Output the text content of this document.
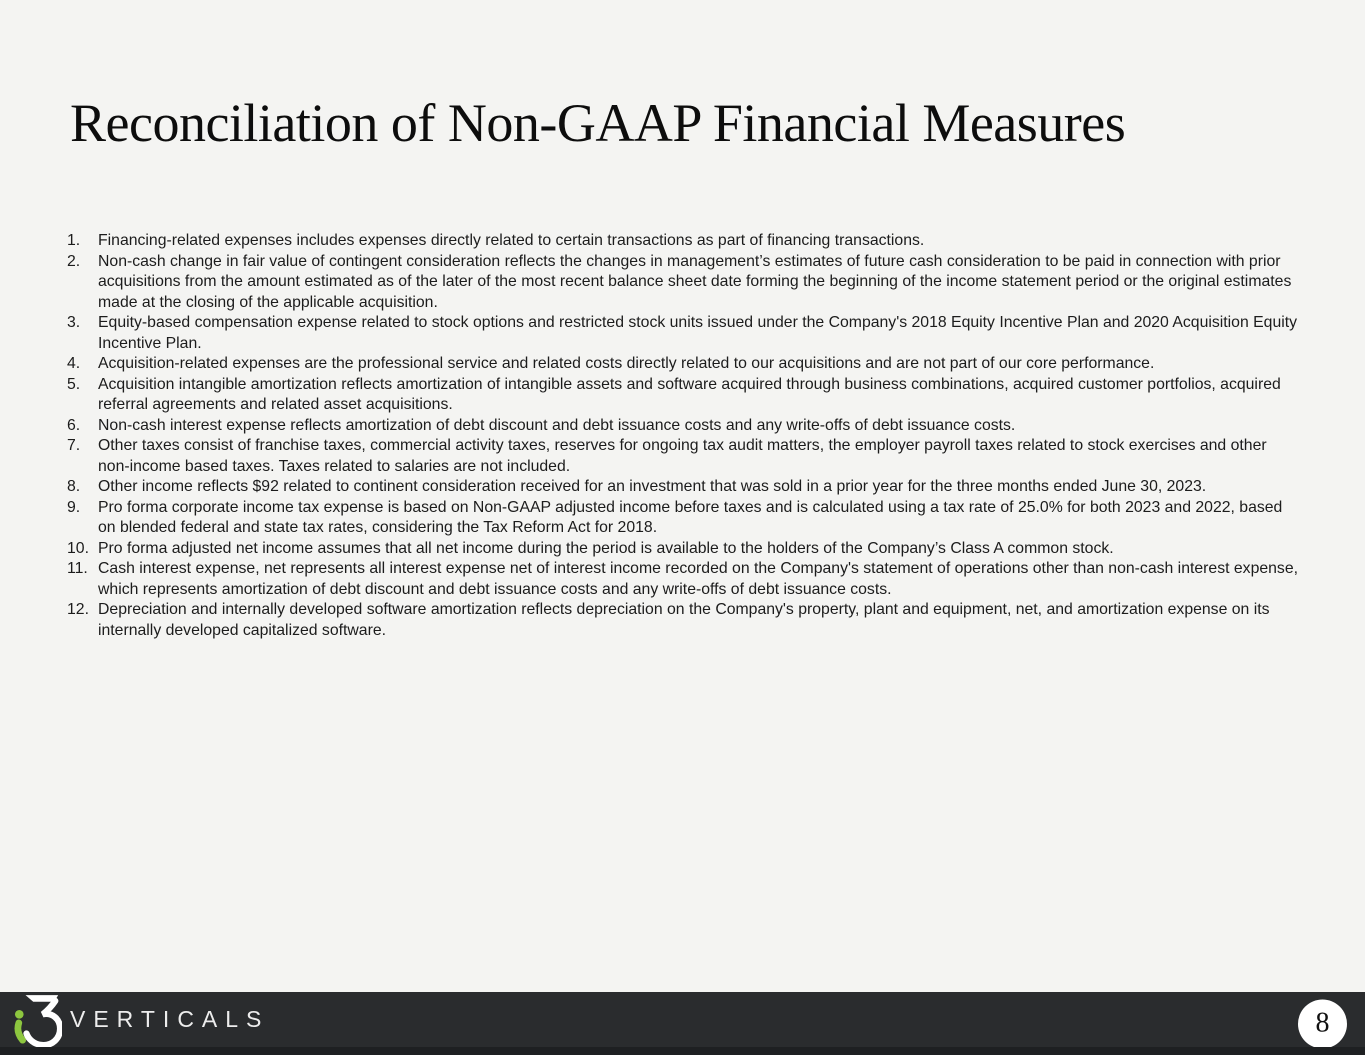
Reconciliation of Non-GAAP Financial Measures
1.	Financing-related expenses includes expenses directly related to certain transactions as part of financing transactions.
2.	Non-cash change in fair value of contingent consideration reflects the changes in management’s estimates of future cash consideration to be paid in connection with prior acquisitions from the amount estimated as of the later of the most recent balance sheet date forming the beginning of the income statement period or the original estimates made at the closing of the applicable acquisition.
3.	Equity-based compensation expense related to stock options and restricted stock units issued under the Company's 2018 Equity Incentive Plan and 2020 Acquisition Equity Incentive Plan.
4.	Acquisition-related expenses are the professional service and related costs directly related to our acquisitions and are not part of our core performance.
5.	Acquisition intangible amortization reflects amortization of intangible assets and software acquired through business combinations, acquired customer portfolios, acquired referral agreements and related asset acquisitions.
6.	Non-cash interest expense reflects amortization of debt discount and debt issuance costs and any write-offs of debt issuance costs.
7.	Other taxes consist of franchise taxes, commercial activity taxes, reserves for ongoing tax audit matters, the employer payroll taxes related to stock exercises and other non-income based taxes. Taxes related to salaries are not included.
8.	Other income reflects $92 related to continent consideration received for an investment that was sold in a prior year for the three months ended June 30, 2023.
9.	Pro forma corporate income tax expense is based on Non-GAAP adjusted income before taxes and is calculated using a tax rate of 25.0% for both 2023 and 2022, based on blended federal and state tax rates, considering the Tax Reform Act for 2018.
10. Pro forma adjusted net income assumes that all net income during the period is available to the holders of the Company’s Class A common stock.
11. Cash interest expense, net represents all interest expense net of interest income recorded on the Company's statement of operations other than non-cash interest expense, which represents amortization of debt discount and debt issuance costs and any write-offs of debt issuance costs.
12. Depreciation and internally developed software amortization reflects depreciation on the Company's property, plant and equipment, net, and amortization expense on its internally developed capitalized software.
VERTICALS	8
